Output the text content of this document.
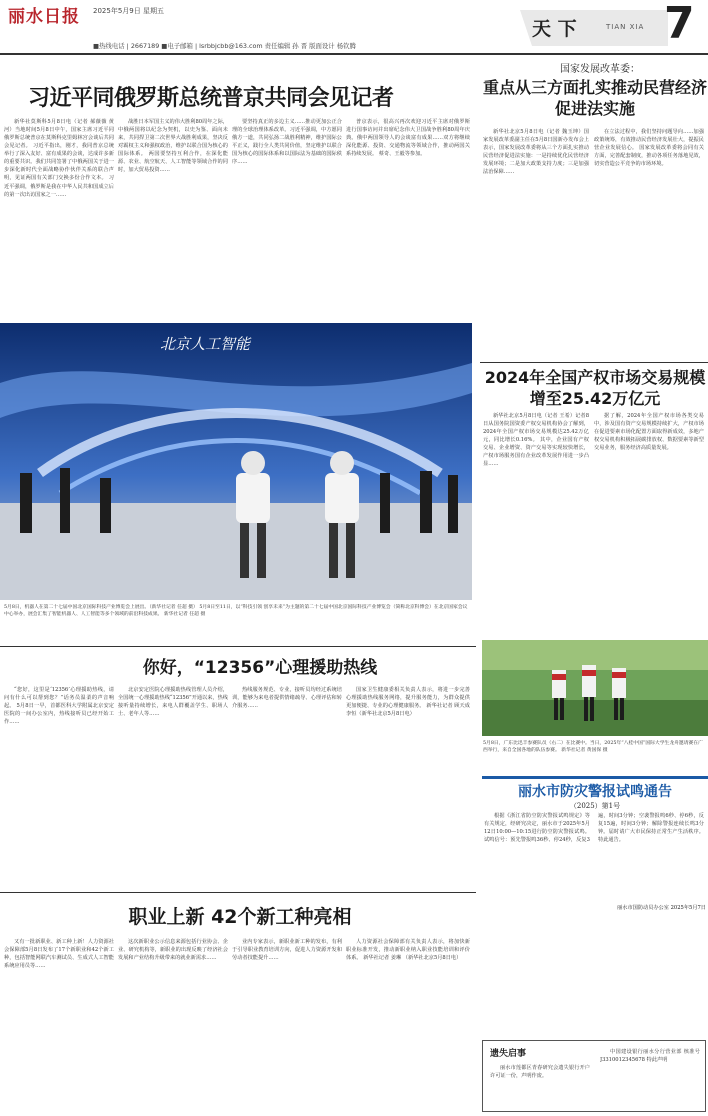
丽水日报 2025年5月9日 星期五
■热线电话 | 2667189 ■电子邮箱 | lsrbbjcbb@163.com 责任编辑 孙 晋 版面设计 杨钦腾
天 下	TIAN XIA 7
习近平同俄罗斯总统普京共同会见记者

新华社莫斯科5月8日电（记者 郝薇薇 黄河）当地时间5月8日中午，国家主席习近平同俄罗斯总统普京在莫斯科克里姆林宫会谈后共同会见记者。 习近平指出，刚才，我同普京总统举行了深入友好、富有成果的会谈，达成许多新的重要共识。我们共同签署了中俄两国关于进一步深化新时代全面战略协作伙伴关系的联合声明，见证两国有关部门交换多份合作文本。 习近平强调，俄罗斯是我在中华人民共和国成立后的第一次出访国家之一……

战胜日本军国主义的伟大胜利80周年之际，中俄两国将以纪念为契机，以史为鉴、面向未来，共同捍卫第二次世界大战胜利成果，坚决反对霸权主义和强权政治，维护以联合国为核心的国际体系。 两国要坚持互利合作，在深化能源、农业、航空航天、人工智能等领域合作的同时，加大贸易投资……

要坚持真正的多边主义……推动更加公正合理的全球治理体系改革。习近平强调，中方愿同俄方一道，共同弘扬二战胜利精神，维护国际公平正义，践行全人类共同价值，坚定维护以联合国为核心的国际体系和以国际法为基础的国际秩序……

普京表示，很高兴再次欢迎习近平主席对俄罗斯进行国事访问并出席纪念伟大卫国战争胜利80周年庆典。俄中两国领导人的会谈富有成果……双方将继续深化能源、投资、交通物流等领域合作，推动两国关系持续发展。 蔡奇、王毅等参加。

北京人工智能
5月8日，机器人在第二十七届中国北京国际科技产业博览会上展出。（新华社记者 任超 摄） 5月8日至11日，以“科技引领 创享未来”为主题的第二十七届中国北京国际科技产业博览会（简称北京科博会）在北京国家会议中心举办，展会汇集了智能机器人、人工智能等多个领域的前沿科技成果。 新华社记者 任超 摄
国家发展改革委：
重点从三方面扎实推动民营经济促进法实施

新华社北京5月8日电（记者 魏玉坤）国家发展改革委副主任在5月8日国新办发布会上表示，国家发展改革委将从三个方面扎实推动民营经济促进法实施：一是持续优化民营经济发展环境；二是加大政策支持力度；三是加强法治保障……

在立法过程中，我们坚持问题导向……加强政策统筹，有效推动民营经济发展壮大，提振民营企业发展信心。 国家发展改革委将会同有关方面，完善配套制度，推动各项任务落地见效，切实营造公平竞争的市场环境。

2024年全国产权市场交易规模增至25.42万亿元

新华社北京5月8日电（记者 王希）记者8日从国务院国资委产权交易机构协会了解到，2024年全国产权市场交易规模达25.42万亿元，同比增长0.16%。 其中，企业国有产权交易、企业增资、资产交易等实现较快增长，产权市场服务国有企业改革发展作用进一步凸显……

据了解，2024年全国产权市场各类交易中，涉及国有资产交易规模持续扩大，产权市场在促进要素市场化配置方面取得新成效，多地产权交易机构积极拓展碳排放权、数据要素等新型交易业务，服务经济高质量发展。

5月8日，广东比迅丰参赛队员（右二）在比赛中。当日，2025年“八桂中国”国际大学生龙舟邀请赛在广西举行，来自全国各地的队伍参赛。 新华社记者 黄国保 摄
丽水市防灾警报试鸣通告
（2025）第1号

根据《浙江省防空防灾警报试鸣规定》等有关规定，经研究决定，丽水市于2025年5月12日10:00—10:15进行防空防灾警报试鸣。试鸣信号：预先警报鸣36秒、停24秒，反复3遍，时间3分钟；空袭警报鸣6秒、停6秒，反复15遍，时间3分钟；解除警报连续长鸣3分钟。届时请广大市民保持正常生产生活秩序。 特此通告。

丽水市国防动员办公室 2025年5月7日
你好，“12356”心理援助热线

“您好，这里是‘12356’心理援助热线，请问有什么可以帮到您？”话务员温柔的声音响起。 5月8日一早，首都医科大学附属北京安定医院的一间办公室内，热线接听员已经开始工作……

北京安定医院心理援助热线管理人员介绍，全国统一心理援助热线“12356”开通以来，热线接听量持续增长，来电人群覆盖学生、职场人士、老年人等……

热线服务规范、专业，接听员均经过系统培训，能够为来电者提供情绪疏导、心理评估和转介服务……

国家卫生健康委相关负责人表示，将进一步完善心理援助热线服务网络，提升服务能力，为群众提供更加便捷、专业的心理健康服务。 新华社记者 顾天成 李恒（新华社北京5月8日电）

职业上新 42个新工种亮相

又有一批新职业、新工种上新！人力资源社会保障部5月8日发布了17个新职业和42个新工种，包括智能网联汽车测试员、生成式人工智能系统应用员等……

这次新职业公示信息来源包括行业协会、企业、研究机构等，新职业的出现反映了经济社会发展和产业结构升级带来的就业新需求……

业内专家表示，新职业新工种的发布，有利于引导职业教育培训方向，促进人力资源开发和劳动者技能提升……

人力资源社会保障部有关负责人表示，将加快新职业标准开发，推动新职业纳入职业技能培训和评价体系。 新华社记者 姜琳 （新华社北京5月8日电）

遗失启事

丽水市莲都区青春研究会遗失银行开户许可证一份，声明作废。

中国建设银行丽水分行营业部 核准号J3310012345678 特此声明
